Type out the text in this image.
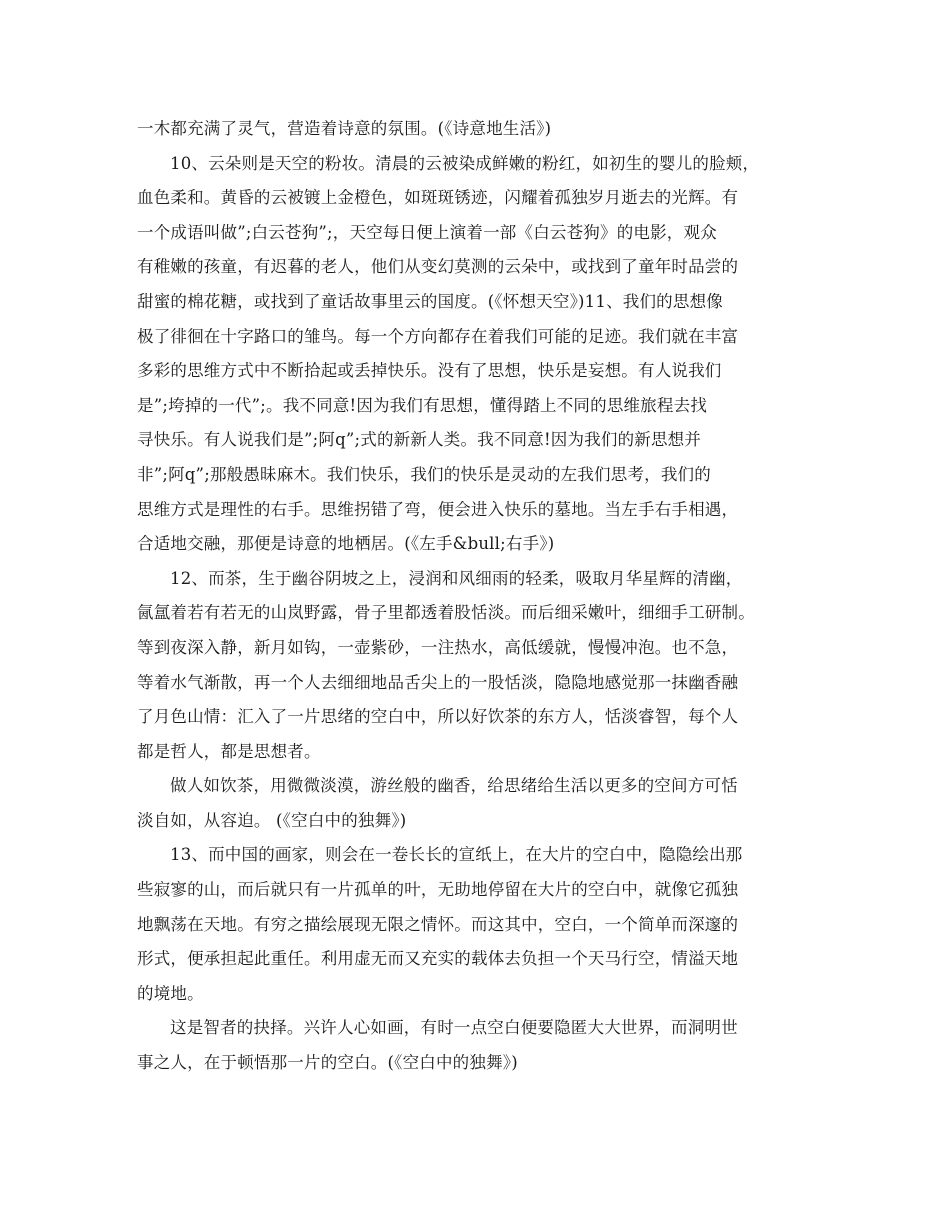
一木都充满了灵气，营造着诗意的氛围。(《诗意地生活》)
10、云朵则是天空的粉妆。清晨的云被染成鲜嫩的粉红，如初生的婴儿的脸颊，
血色柔和。黄昏的云被镀上金橙色，如斑斑锈迹，闪耀着孤独岁月逝去的光辉。有
一个成语叫做”;白云苍狗”;，天空每日便上演着一部《白云苍狗》的电影，观众
有稚嫩的孩童，有迟暮的老人，他们从变幻莫测的云朵中，或找到了童年时品尝的
甜蜜的棉花糖，或找到了童话故事里云的国度。(《怀想天空》)11、我们的思想像
极了徘徊在十字路口的雏鸟。每一个方向都存在着我们可能的足迹。我们就在丰富
多彩的思维方式中不断拾起或丢掉快乐。没有了思想，快乐是妄想。有人说我们
是”;垮掉的一代”;。我不同意!因为我们有思想，懂得踏上不同的思维旅程去找
寻快乐。有人说我们是”;阿q”;式的新新人类。我不同意!因为我们的新思想并
非”;阿q”;那般愚昧麻木。我们快乐，我们的快乐是灵动的左我们思考，我们的
思维方式是理性的右手。思维拐错了弯，便会进入快乐的墓地。当左手右手相遇，
合适地交融，那便是诗意的地栖居。(《左手&bull;右手》)
12、而茶，生于幽谷阴坡之上，浸润和风细雨的轻柔，吸取月华星辉的清幽，
氤氲着若有若无的山岚野露，骨子里都透着股恬淡。而后细采嫩叶，细细手工研制。
等到夜深入静，新月如钩，一壶紫砂，一注热水，高低缓就，慢慢冲泡。也不急，
等着水气渐散，再一个人去细细地品舌尖上的一股恬淡，隐隐地感觉那一抹幽香融
了月色山情：汇入了一片思绪的空白中，所以好饮茶的东方人，恬淡睿智，每个人
都是哲人，都是思想者。
做人如饮茶，用微微淡漠，游丝般的幽香，给思绪给生活以更多的空间方可恬
淡自如，从容迫。 (《空白中的独舞》)
13、而中国的画家，则会在一卷长长的宣纸上，在大片的空白中，隐隐绘出那
些寂寥的山，而后就只有一片孤单的叶，无助地停留在大片的空白中，就像它孤独
地飘荡在天地。有穷之描绘展现无限之情怀。而这其中，空白，一个简单而深邃的
形式，便承担起此重任。利用虚无而又充实的载体去负担一个天马行空，情溢天地
的境地。
这是智者的抉择。兴许人心如画，有时一点空白便要隐匿大大世界，而洞明世
事之人，在于顿悟那一片的空白。(《空白中的独舞》)
